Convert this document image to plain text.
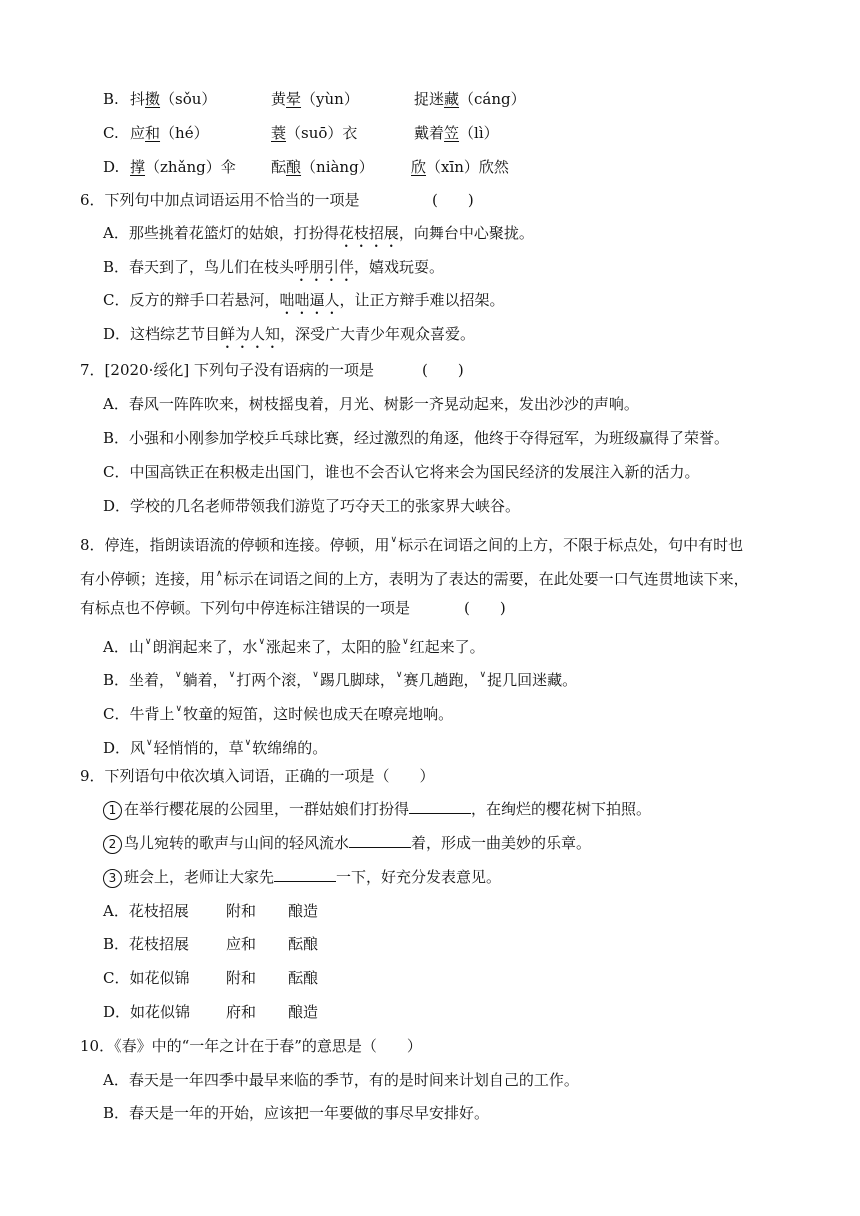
B. 抖擞（sǒu）	黄晕（yùn）	捉迷藏（cáng）
C. 应和（hé）	蓑（suō）衣	戴着笠（lì）
D. 撑（zhǎng）伞 酝酿（niàng） 欣（xīn）欣然
6．下列句中加点词语运用不恰当的一项是	(　　)
A．那些挑着花篮灯的姑娘，打扮得花枝招展，向舞台中心聚拢。
B．春天到了，鸟儿们在枝头呼朋引伴，嬉戏玩耍。
C．反方的辩手口若悬河，咄咄逼人，让正方辩手难以招架。
D．这档综艺节目鲜为人知，深受广大青少年观众喜爱。
7．[2020·绥化] 下列句子没有语病的一项是	(　　)
A．春风一阵阵吹来，树枝摇曳着，月光、树影一齐晃动起来，发出沙沙的声响。
B．小强和小刚参加学校乒乓球比赛，经过激烈的角逐，他终于夺得冠军，为班级赢得了荣誉。
C．中国高铁正在积极走出国门，谁也不会否认它将来会为国民经济的发展注入新的活力。
D．学校的几名老师带领我们游览了巧夺天工的张家界大峡谷。
8．停连，指朗读语流的停顿和连接。停顿，用∨标示在词语之间的上方，不限于标点处，句中有时也
有小停顿；连接，用∧标示在词语之间的上方，表明为了表达的需要，在此处要一口气连贯地读下来，
有标点也不停顿。下列句中停连标注错误的一项是	(　　)
A．山∨朗润起来了，水∨涨起来了，太阳的脸∨红起来了。
B．坐着，∨躺着，∨打两个滚，∨踢几脚球，∨赛几趟跑，∨捉几回迷藏。
C．牛背上∨牧童的短笛，这时候也成天在嘹亮地响。
D．风∨轻悄悄的，草∨软绵绵的。
9．下列语句中依次填入词语，正确的一项是（　　）
1 在举行樱花展的公园里，一群姑娘们打扮得	，在绚烂的樱花树下拍照。
2 鸟儿宛转的歌声与山间的轻风流水	着，形成一曲美妙的乐章。
3 班会上，老师让大家先	一下，好充分发表意见。
A．花枝招展 附和 酿造
B．花枝招展 应和 酝酿
C．如花似锦 附和 酝酿
D．如花似锦 府和 酿造
10．《春》中的“一年之计在于春”的意思是（　　）
A．春天是一年四季中最早来临的季节，有的是时间来计划自己的工作。
B．春天是一年的开始，应该把一年要做的事尽早安排好。
